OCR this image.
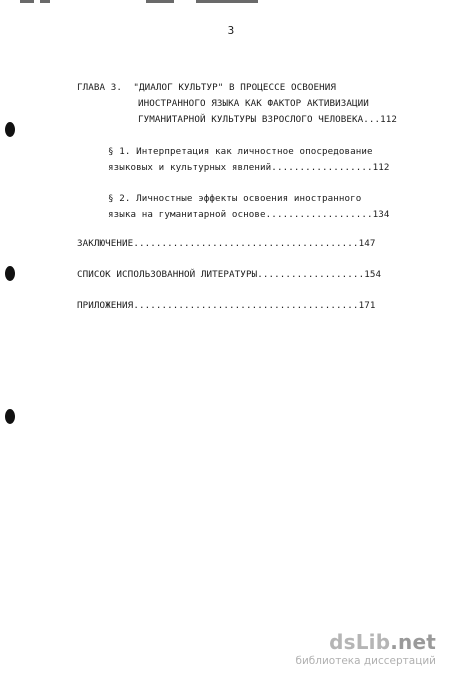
3
ГЛАВА 3.  "ДИАЛОГ КУЛЬТУР" В ПРОЦЕССЕ ОСВОЕНИЯ
ИНОСТРАННОГО ЯЗЫКА КАК ФАКТОР АКТИВИЗАЦИИ
ГУМАНИТАРНОЙ КУЛЬТУРЫ ВЗРОСЛОГО ЧЕЛОВЕКА...112
§ 1. Интерпретация как личностное опосредование
языковых и культурных явлений..................112
§ 2. Личностные эффекты освоения иностранного
языка на гуманитарной основе...................134
ЗАКЛЮЧЕНИЕ........................................147
СПИСОК ИСПОЛЬЗОВАННОЙ ЛИТЕРАТУРЫ...................154
ПРИЛОЖЕНИЯ........................................171
dsLib.net
библиотека диссертаций
